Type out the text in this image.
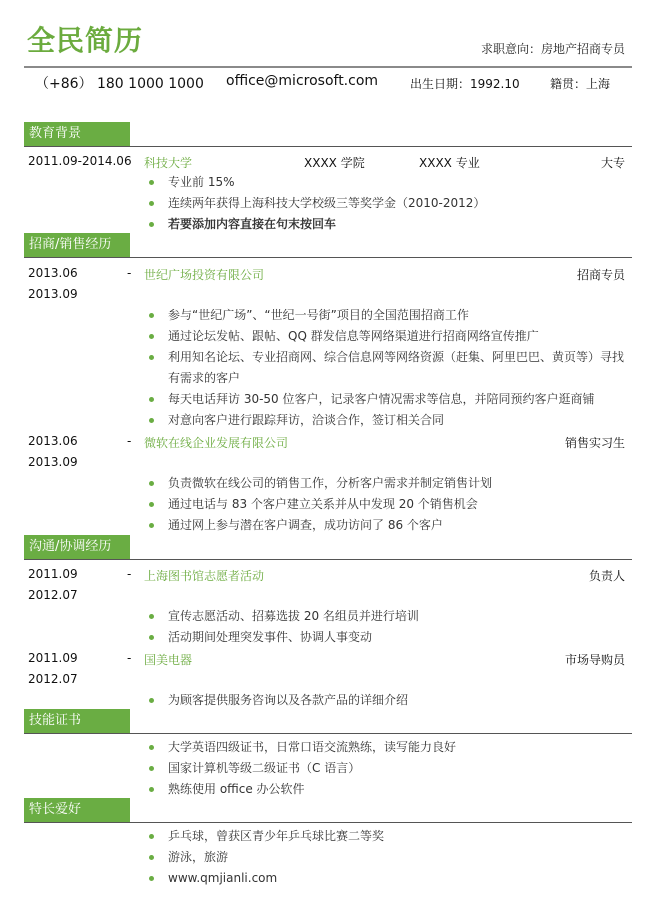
全民简历	求职意向：房地产招商专员
（+86） 180 1000 1000 office@microsoft.com	出生日期：1992.10	籍贯：上海
教育背景
2011.09-2014.06 科技大学	XXXX 学院	XXXX 专业	大专
专业前 15%
连续两年获得上海科技大学校级三等奖学金（2010-2012）
若要添加内容直接在句末按回车
招商/销售经历
2013.06	- 世纪广场投资有限公司	招商专员
2013.09
参与“世纪广场”、“世纪一号街”项目的全国范围招商工作
通过论坛发帖、跟帖、QQ 群发信息等网络渠道进行招商网络宣传推广
利用知名论坛、专业招商网、综合信息网等网络资源（赶集、阿里巴巴、黄页等）寻找
有需求的客户
每天电话拜访 30-50 位客户，记录客户情况需求等信息，并陪同预约客户逛商铺
对意向客户进行跟踪拜访，洽谈合作，签订相关合同
2013.06	- 微软在线企业发展有限公司	销售实习生
2013.09
负责微软在线公司的销售工作，分析客户需求并制定销售计划
通过电话与 83 个客户建立关系并从中发现 20 个销售机会
通过网上参与潜在客户调查，成功访问了 86 个客户
沟通/协调经历
2011.09	- 上海图书馆志愿者活动	负责人
2012.07
宣传志愿活动、招募选拔 20 名组员并进行培训
活动期间处理突发事件、协调人事变动
2011.09	- 国美电器	市场导购员
2012.07
为顾客提供服务咨询以及各款产品的详细介绍
技能证书
大学英语四级证书，日常口语交流熟练，读写能力良好
国家计算机等级二级证书（C 语言）
熟练使用 office 办公软件
特长爱好
乒乓球，曾获区青少年乒乓球比赛二等奖
游泳，旅游
www.qmjianli.com
